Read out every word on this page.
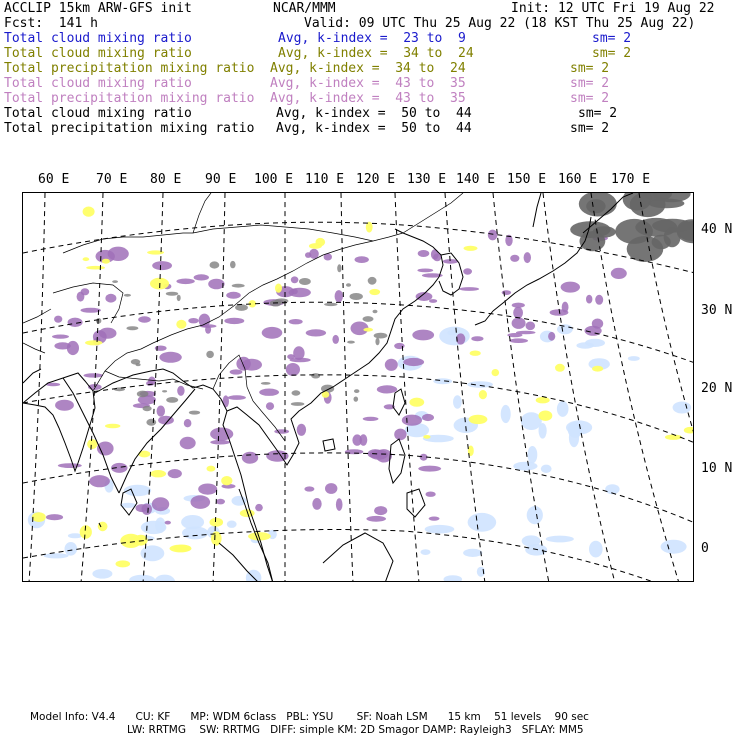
ACCLIP 15km ARW-GFS init	NCAR/MMM	Init: 12 UTC Fri 19 Aug 22
Fcst:  141 h	Valid: 09 UTC Thu 25 Aug 22 (18 KST Thu 25 Aug 22)
Total cloud mixing ratio	Avg, k-index =  23 to  9	sm= 2
Total cloud mixing ratio	Avg, k-index =  34 to  24	sm= 2
Total precipitation mixing ratio Avg, k-index =  34 to  24	sm= 2
Total cloud mixing ratio	Avg, k-index =  43 to  35	sm= 2
Total precipitation mixing ratio Avg, k-index =  43 to  35	sm= 2
Total cloud mixing ratio	Avg, k-index =  50 to  44	sm= 2
Total precipitation mixing ratio Avg, k-index =  50 to  44	sm= 2
60 E 70 E 80 E 90 E 100 E 110 E 120 E 130 E 140 E 150 E 160 E 170 E
40 N
30 N
20 N
10 N
0
Model Info: V4.4      CU: KF      MP: WDM 6class   PBL: YSU       SF: Noah LSM      15 km    51 levels    90 sec
LW: RRTMG    SW: RRTMG   DIFF: simple KM: 2D Smagor DAMP: Rayleigh3   SFLAY: MM5
